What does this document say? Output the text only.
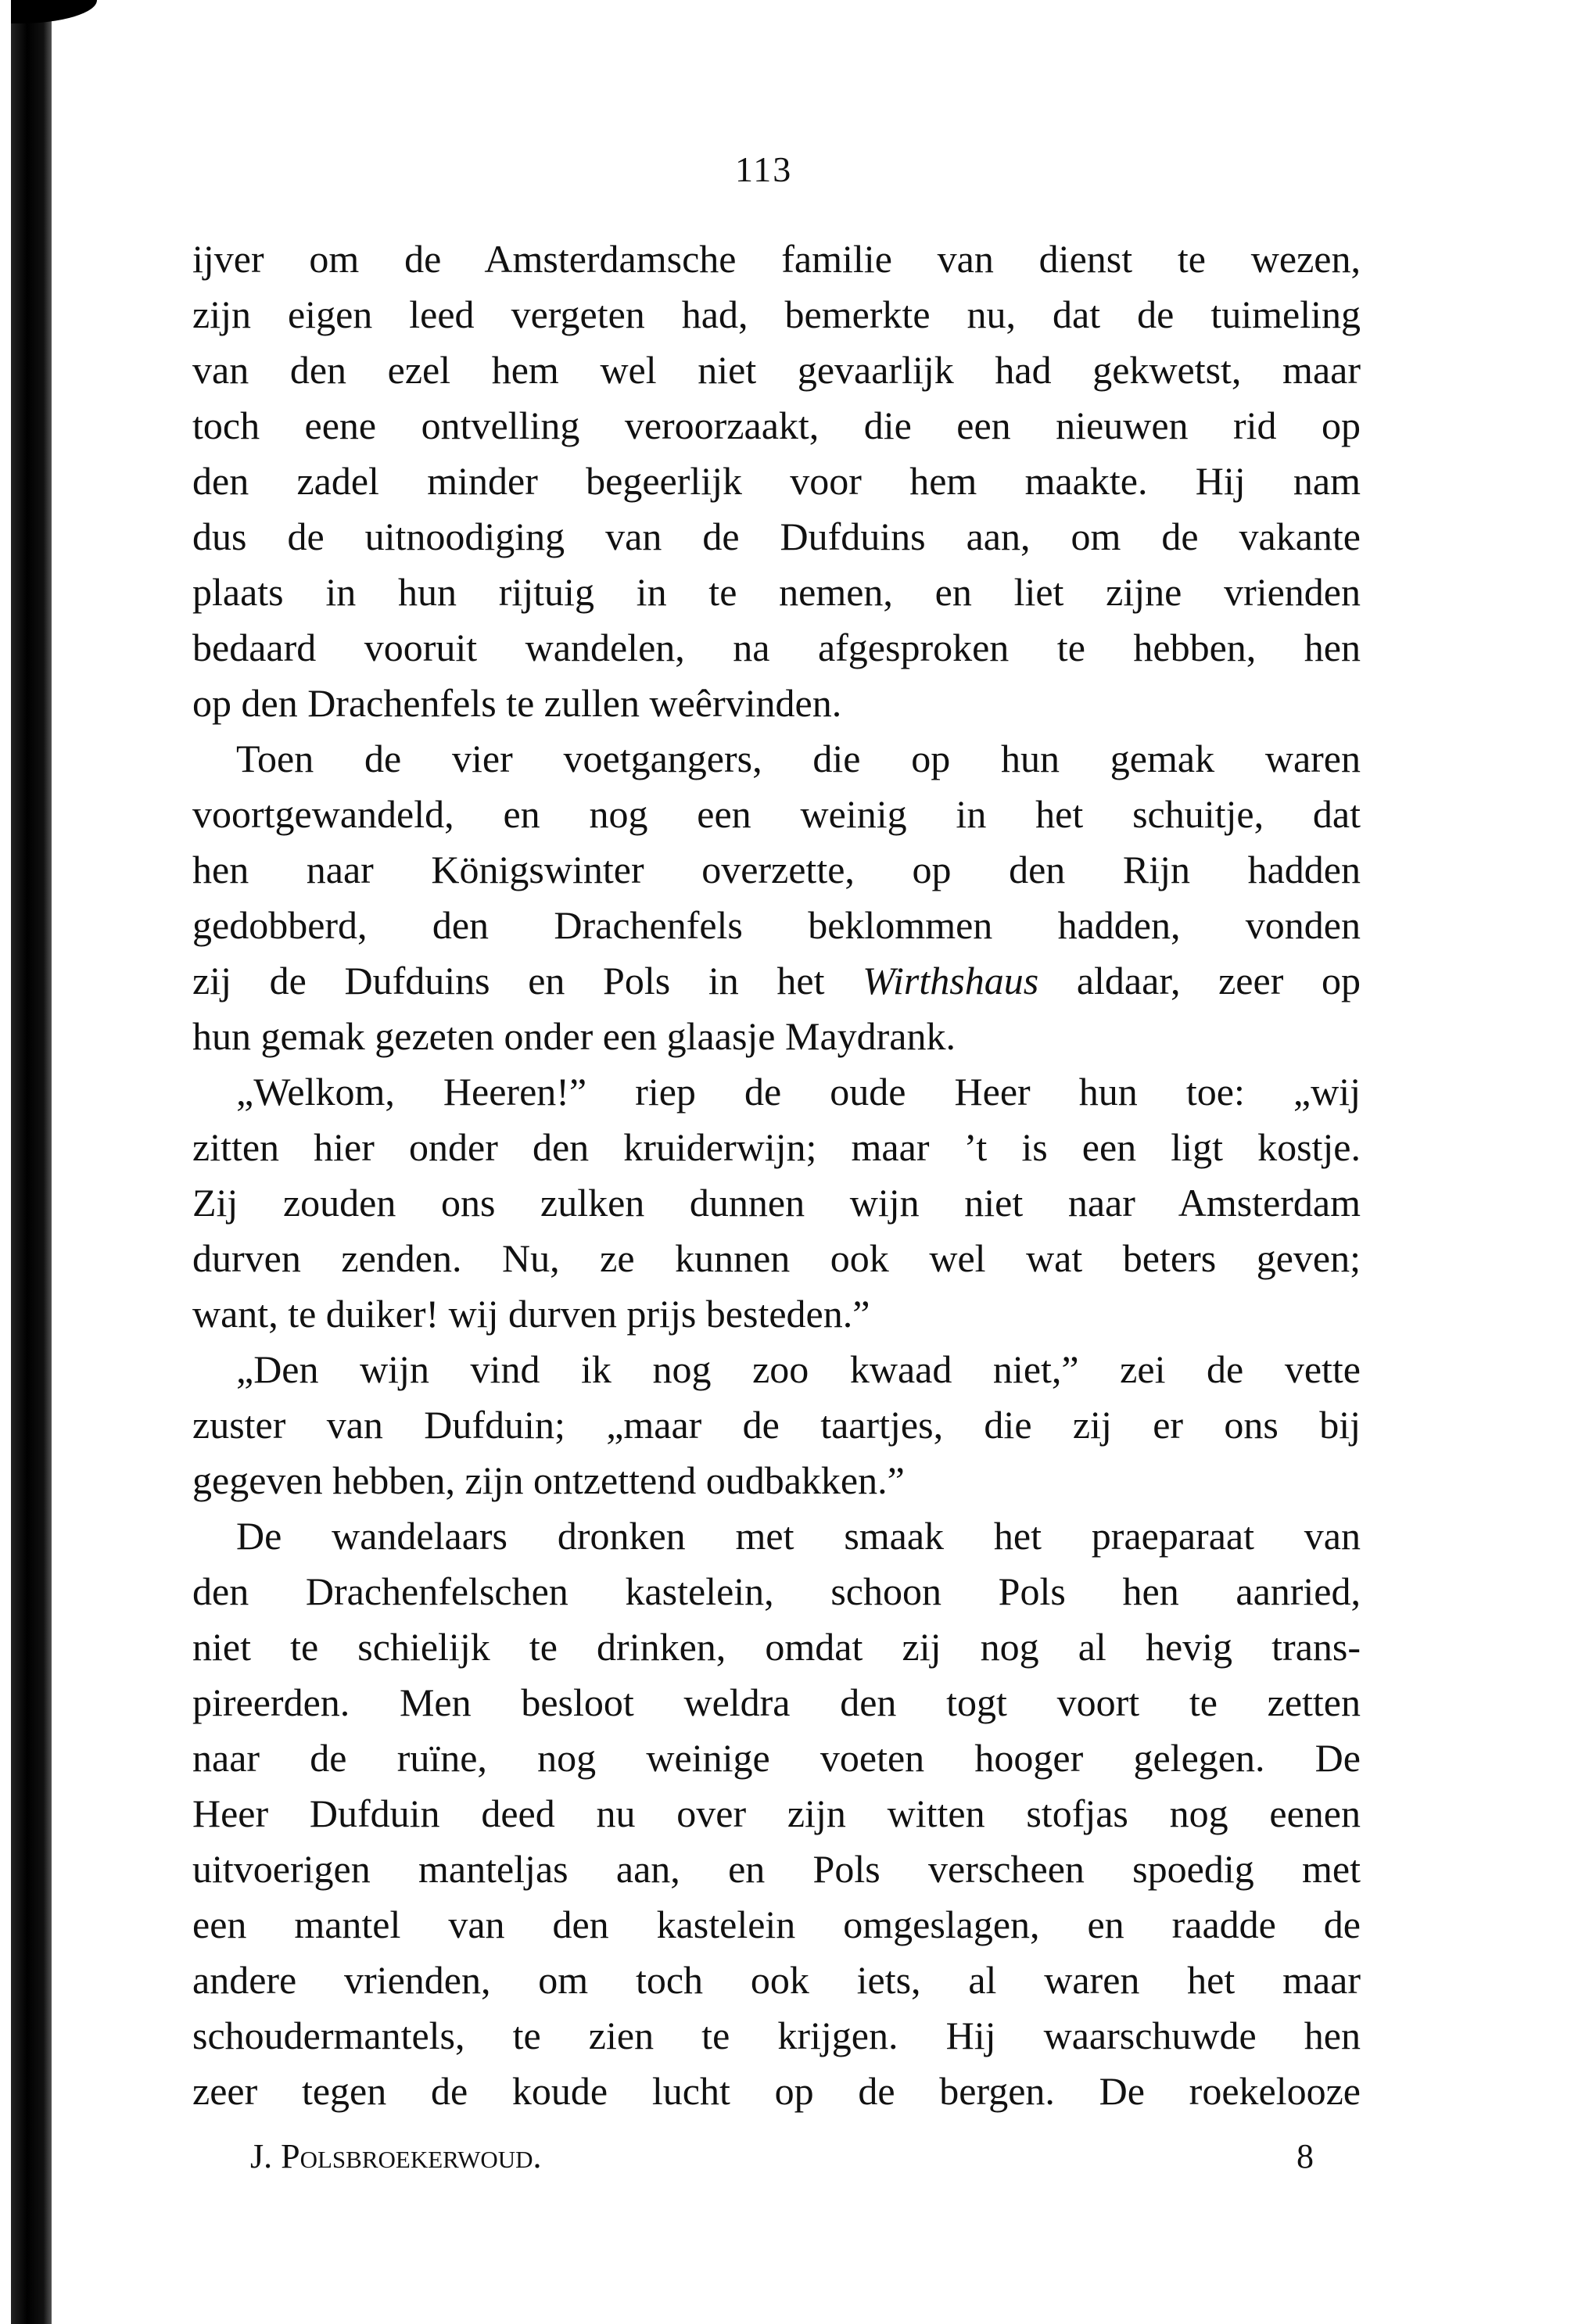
113
ijver om de Amsterdamsche familie van dienst te wezen,
zijn eigen leed vergeten had, bemerkte nu, dat de tuimeling
van den ezel hem wel niet gevaarlijk had gekwetst, maar
toch eene ontvelling veroorzaakt, die een nieuwen rid op
den zadel minder begeerlijk voor hem maakte. Hij nam
dus de uitnoodiging van de Dufduins aan, om de vakante
plaats in hun rijtuig in te nemen, en liet zijne vrienden
bedaard vooruit wandelen, na afgesproken te hebben, hen
op den Drachenfels te zullen weêrvinden.
Toen de vier voetgangers, die op hun gemak waren
voortgewandeld, en nog een weinig in het schuitje, dat
hen naar Königswinter overzette, op den Rijn hadden
gedobberd, den Drachenfels beklommen hadden, vonden
zij de Dufduins en Pols in het Wirthshaus aldaar, zeer op
hun gemak gezeten onder een glaasje Maydrank.
„Welkom, Heeren!” riep de oude Heer hun toe: „wij
zitten hier onder den kruiderwijn; maar ’t is een ligt kostje.
Zij zouden ons zulken dunnen wijn niet naar Amsterdam
durven zenden. Nu, ze kunnen ook wel wat beters geven;
want, te duiker! wij durven prijs besteden.”
„Den wijn vind ik nog zoo kwaad niet,” zei de vette
zuster van Dufduin; „maar de taartjes, die zij er ons bij
gegeven hebben, zijn ontzettend oudbakken.”
De wandelaars dronken met smaak het praeparaat van
den Drachenfelschen kastelein, schoon Pols hen aanried,
niet te schielijk te drinken, omdat zij nog al hevig trans-
pireerden. Men besloot weldra den togt voort te zetten
naar de ruïne, nog weinige voeten hooger gelegen. De
Heer Dufduin deed nu over zijn witten stofjas nog eenen
uitvoerigen manteljas aan, en Pols verscheen spoedig met
een mantel van den kastelein omgeslagen, en raadde de
andere vrienden, om toch ook iets, al waren het maar
schoudermantels, te zien te krijgen. Hij waarschuwde hen
zeer tegen de koude lucht op de bergen. De roekelooze
J. Polsbroekerwoud.	8
